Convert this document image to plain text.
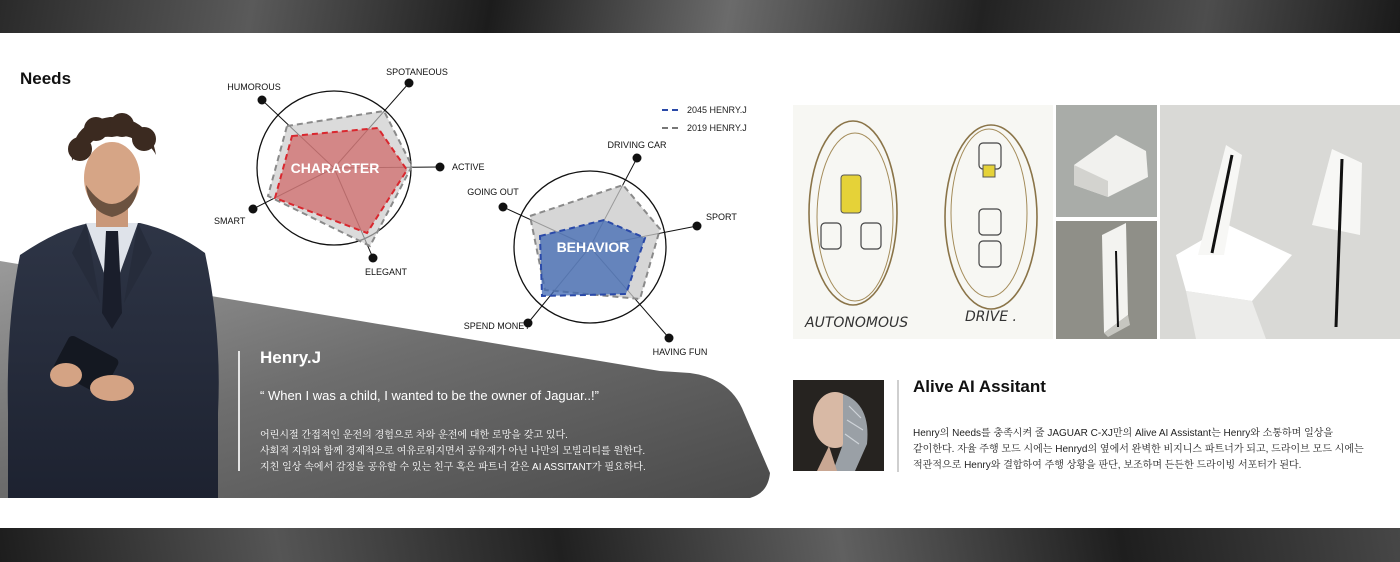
Needs
CHARACTER
SPOTANEOUS
ACTIVE
ELEGANT
SMART
HUMOROUS
BEHAVIOR
DRIVING CAR
SPORT
HAVING FUN
SPEND MONEY
GOING OUT
2045 HENRY.J
2019 HENRY.J
Henry.J
“ When I was a child, I wanted to be the owner of Jaguar..!”

어린시절 간접적인 운전의 경험으로 차와 운전에 대한 로망을 갖고 있다.
사회적 지위와 함께 경제적으로 여유로워지면서 공유재가 아닌 나만의 모빌리티를 원한다.
지친 일상 속에서 감정을 공유할 수 있는 친구 혹은 파트너 같은 AI ASSITANT가 필요하다.

AUTONOMOUS	DRIVE .
Alive AI Assitant

Henry의 Needs를 충족시켜 줄 JAGUAR C-XJ만의 Alive AI Assistant는 Henry와 소통하며 일상을
같이한다. 자율 주행 모드 시에는 Henryd의 옆에서 완벽한 비지니스 파트너가 되고, 드라이브 모드 시에는
적관적으로 Henry와 결합하여 주행 상황을 판단, 보조하며 든든한 드라이빙 서포터가 된다.
